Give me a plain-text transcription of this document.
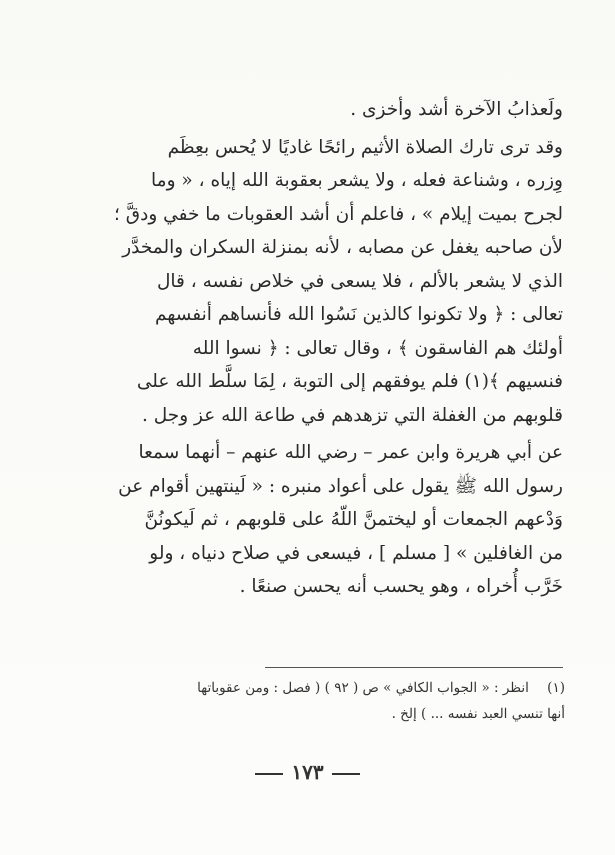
ولَعذابُ الآخرة أشد وأخزى .

وقد ترى تارك الصلاة الأثيم رائحًا غاديًا لا يُحس بعِظَم

وِزره ، وشناعة فعله ، ولا يشعر بعقوبة الله إياه ، « وما

لجرح بميت إيلام » ، فاعلم أن أشد العقوبات ما خفي ودقَّ ؛

لأن صاحبه يغفل عن مصابه ، لأنه بمنزلة السكران والمخدَّر

الذي لا يشعر بالألم ، فلا يسعى في خلاص نفسه ، قال

تعالى : ﴿ ولا تكونوا كالذين نَسُوا الله فأنساهم أنفسهم

أولئك هم الفاسقون ﴾ ، وقال تعالى : ﴿ نسوا الله

فنسيهم ﴾(١) فلم يوفقهم إلى التوبة ، لِمَا سلَّط الله على

قلوبهم من الغفلة التي تزهدهم في طاعة الله عز وجل .

عن أبي هريرة وابن عمر – رضي الله عنهم – أنهما سمعا

رسول الله ﷺ يقول على أعواد منبره : « لَينتهين أقوام عن

وَدْعهم الجمعات أو ليختمنَّ اللّهُ على قلوبهم ، ثم لَيكونُنَّ

من الغافلين » [ مسلم ] ، فيسعى في صلاح دنياه ، ولو

خَرَّب أُخراه ، وهو يحسب أنه يحسن صنعًا .

(١) انظر : « الجواب الكافي » ص ( ٩٢ ) ( فصل : ومن عقوباتها
أنها تنسي العبد نفسه ... ) إلخ .
١٧٣
